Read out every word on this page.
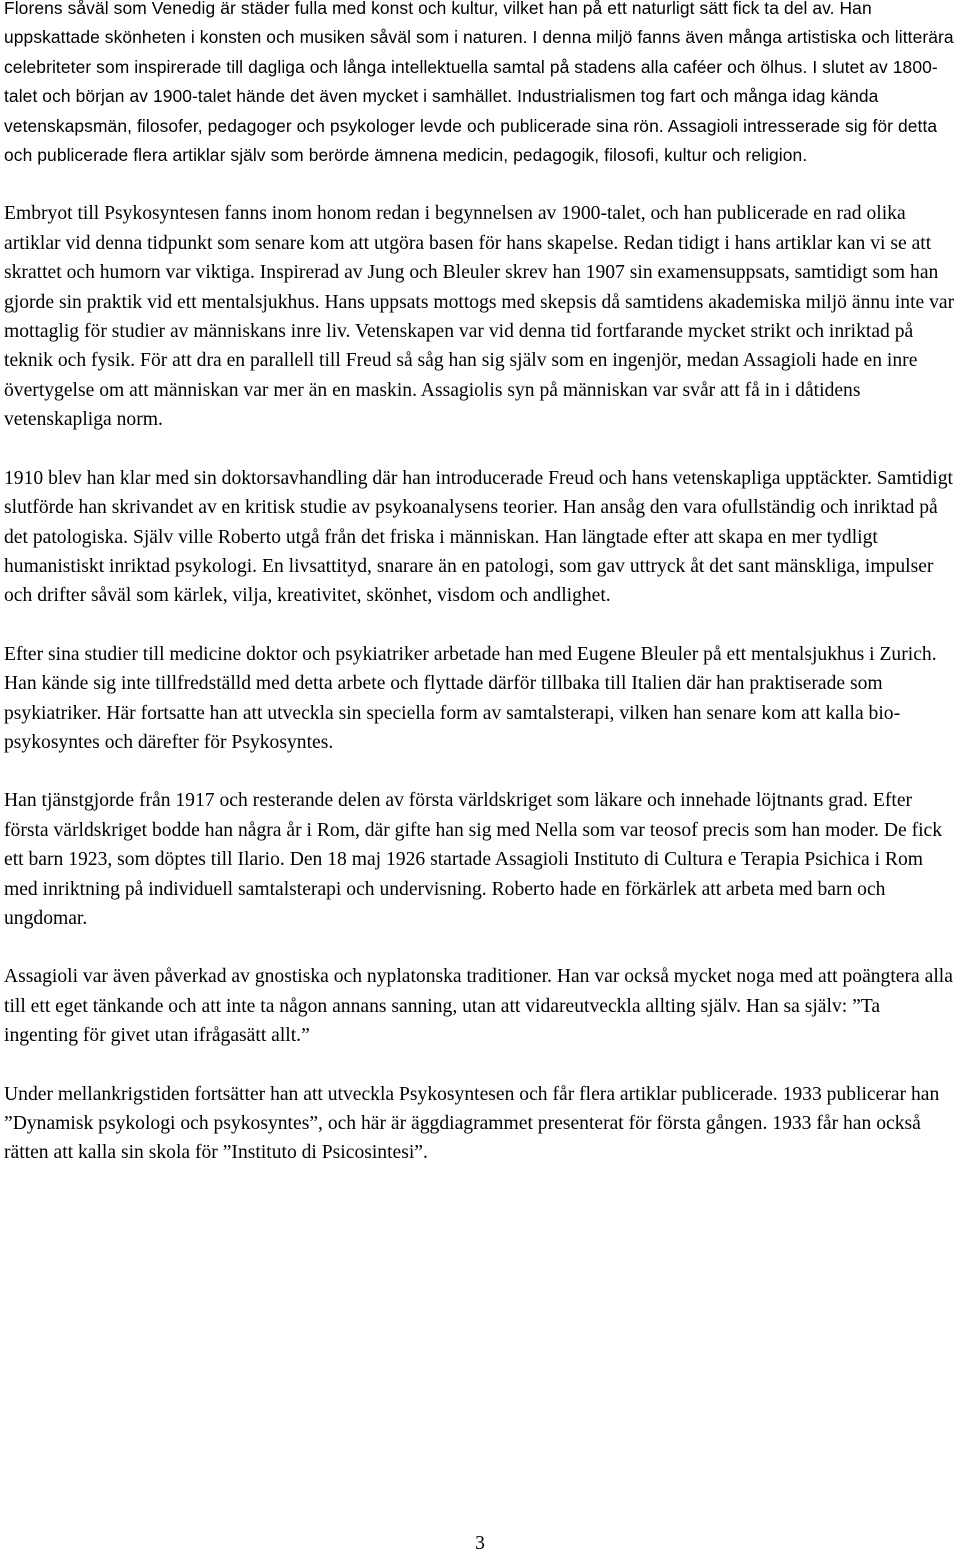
Florens såväl som Venedig är städer fulla med konst och kultur, vilket han på ett naturligt sätt fick ta del av. Han uppskattade skönheten i konsten och musiken såväl som i naturen. I denna miljö fanns även många artistiska och litterära celebriteter som inspirerade till dagliga och långa intellektuella samtal på stadens alla caféer och ölhus. I slutet av 1800-talet och början av 1900-talet hände det även mycket i samhället. Industrialismen tog fart och många idag kända vetenskapsmän, filosofer, pedagoger och psykologer levde och publicerade sina rön. Assagioli intresserade sig för detta och publicerade flera artiklar själv som berörde ämnena medicin, pedagogik, filosofi, kultur och religion.

Embryot till Psykosyntesen fanns inom honom redan i begynnelsen av 1900-talet, och han publicerade en rad olika artiklar vid denna tidpunkt som senare kom att utgöra basen för hans skapelse. Redan tidigt i hans artiklar kan vi se att skrattet och humorn var viktiga. Inspirerad av Jung och Bleuler skrev han 1907 sin examensuppsats, samtidigt som han gjorde sin praktik vid ett mentalsjukhus. Hans uppsats mottogs med skepsis då samtidens akademiska miljö ännu inte var mottaglig för studier av människans inre liv. Vetenskapen var vid denna tid fortfarande mycket strikt och inriktad på teknik och fysik. För att dra en parallell till Freud så såg han sig själv som en ingenjör, medan Assagioli hade en inre övertygelse om att människan var mer än en maskin. Assagiolis syn på människan var svår att få in i dåtidens vetenskapliga norm.

1910 blev han klar med sin doktorsavhandling där han introducerade Freud och hans vetenskapliga upptäckter. Samtidigt slutförde han skrivandet av en kritisk studie av psykoanalysens teorier. Han ansåg den vara ofullständig och inriktad på det patologiska. Själv ville Roberto utgå från det friska i människan. Han längtade efter att skapa en mer tydligt humanistiskt inriktad psykologi. En livsattityd, snarare än en patologi, som gav uttryck åt det sant mänskliga, impulser och drifter såväl som kärlek, vilja, kreativitet, skönhet, visdom och andlighet.

Efter sina studier till medicine doktor och psykiatriker arbetade han med Eugene Bleuler på ett mentalsjukhus i Zurich. Han kände sig inte tillfredställd med detta arbete och flyttade därför tillbaka till Italien där han praktiserade som psykiatriker. Här fortsatte han att utveckla sin speciella form av samtalsterapi, vilken han senare kom att kalla bio-psykosyntes och därefter för Psykosyntes.

Han tjänstgjorde från 1917 och resterande delen av första världskriget som läkare och innehade löjtnants grad. Efter första världskriget bodde han några år i Rom, där gifte han sig med Nella som var teosof precis som han moder. De fick ett barn 1923, som döptes till Ilario. Den 18 maj 1926 startade Assagioli Instituto di Cultura e Terapia Psichica i Rom med inriktning på individuell samtalsterapi och undervisning. Roberto hade en förkärlek att arbeta med barn och ungdomar.

Assagioli var även påverkad av gnostiska och nyplatonska traditioner. Han var också mycket noga med att poängtera alla till ett eget tänkande och att inte ta någon annans sanning, utan att vidareutveckla allting själv. Han sa själv: ”Ta ingenting för givet utan ifrågasätt allt.”

Under mellankrigstiden fortsätter han att utveckla Psykosyntesen och får flera artiklar publicerade. 1933 publicerar han ”Dynamisk psykologi och psykosyntes”, och här är äggdiagrammet presenterat för första gången. 1933 får han också rätten att kalla sin skola för ”Instituto di Psicosintesi”.

3
